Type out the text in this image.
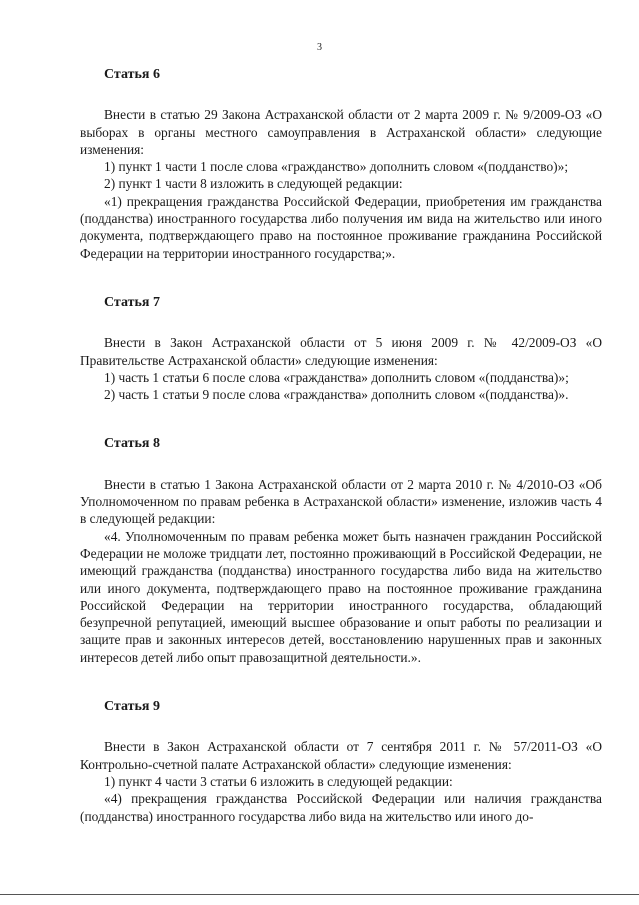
3
Статья 6

Внести в статью 29 Закона Астраханской области от 2 марта 2009 г. № 9/2009-ОЗ «О выборах в органы местного самоуправления в Астраханской области» следующие изменения:

1) пункт 1 части 1 после слова «гражданство» дополнить словом «(подданство)»;

2) пункт 1 части 8 изложить в следующей редакции:

«1) прекращения гражданства Российской Федерации, приобретения им гражданства (подданства) иностранного государства либо получения им вида на жительство или иного документа, подтверждающего право на постоянное проживание гражданина Российской Федерации на территории иностранного государства;».

Статья 7

Внести в Закон Астраханской области от 5 июня 2009 г. № 42/2009-ОЗ «О Правительстве Астраханской области» следующие изменения:

1) часть 1 статьи 6 после слова «гражданства» дополнить словом «(подданства)»;

2) часть 1 статьи 9 после слова «гражданства» дополнить словом «(подданства)».

Статья 8

Внести в статью 1 Закона Астраханской области от 2 марта 2010 г. № 4/2010-ОЗ «Об Уполномоченном по правам ребенка в Астраханской области» изменение, изложив часть 4 в следующей редакции:

«4. Уполномоченным по правам ребенка может быть назначен гражданин Российской Федерации не моложе тридцати лет, постоянно проживающий в Российской Федерации, не имеющий гражданства (подданства) иностранного государства либо вида на жительство или иного документа, подтверждающего право на постоянное проживание гражданина Российской Федерации на территории иностранного государства, обладающий безупречной репутацией, имеющий высшее образование и опыт работы по реализации и защите прав и законных интересов детей, восстановлению нарушенных прав и законных интересов детей либо опыт правозащитной деятельности.».

Статья 9

Внести в Закон Астраханской области от 7 сентября 2011 г. № 57/2011-ОЗ «О Контрольно-счетной палате Астраханской области» следующие изменения:

1) пункт 4 части 3 статьи 6 изложить в следующей редакции:

«4) прекращения гражданства Российской Федерации или наличия гражданства (подданства) иностранного государства либо вида на жительство или иного до-
